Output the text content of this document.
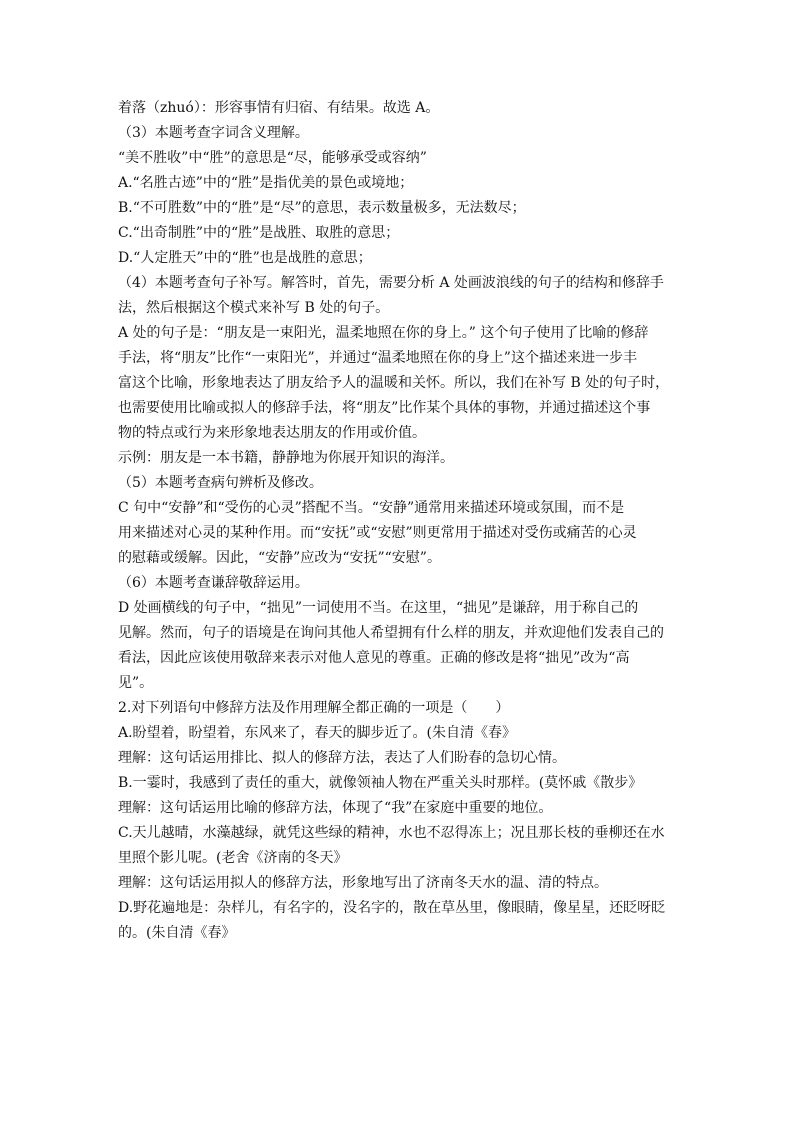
着落（zhuó）：形容事情有归宿、有结果。故选 A。
（3）本题考查字词含义理解。
“美不胜收”中“胜”的意思是“尽，能够承受或容纳”
A.“名胜古迹”中的“胜”是指优美的景色或境地；
B.“不可胜数”中的“胜”是“尽”的意思，表示数量极多，无法数尽；
C.“出奇制胜”中的“胜”是战胜、取胜的意思；
D.“人定胜天”中的“胜”也是战胜的意思；
（4）本题考查句子补写。解答时，首先，需要分析 A 处画波浪线的句子的结构和修辞手
法，然后根据这个模式来补写 B 处的句子。
A 处的句子是：“朋友是一束阳光，温柔地照在你的身上。” 这个句子使用了比喻的修辞
手法，将“朋友”比作“一束阳光”，并通过“温柔地照在你的身上”这个描述来进一步丰
富这个比喻，形象地表达了朋友给予人的温暖和关怀。所以，我们在补写 B 处的句子时，
也需要使用比喻或拟人的修辞手法，将“朋友”比作某个具体的事物，并通过描述这个事
物的特点或行为来形象地表达朋友的作用或价值。
示例：朋友是一本书籍，静静地为你展开知识的海洋。
（5）本题考查病句辨析及修改。
C 句中“安静”和“受伤的心灵”搭配不当。“安静”通常用来描述环境或氛围，而不是
用来描述对心灵的某种作用。而“安抚”或“安慰”则更常用于描述对受伤或痛苦的心灵
的慰藉或缓解。因此，“安静”应改为“安抚”“安慰”。
（6）本题考查谦辞敬辞运用。
D 处画横线的句子中，“拙见”一词使用不当。在这里，“拙见”是谦辞，用于称自己的
见解。然而，句子的语境是在询问其他人希望拥有什么样的朋友，并欢迎他们发表自己的
看法，因此应该使用敬辞来表示对他人意见的尊重。正确的修改是将“拙见”改为“高
见”。
2.对下列语句中修辞方法及作用理解全都正确的一项是（　　）
A.盼望着，盼望着，东风来了，春天的脚步近了。(朱自清《春》
理解：这句话运用排比、拟人的修辞方法，表达了人们盼春的急切心情。
B.一霎时，我感到了责任的重大，就像领袖人物在严重关头时那样。(莫怀戚《散步》
理解：这句话运用比喻的修辞方法，体现了“我”在家庭中重要的地位。
C.天儿越晴，水藻越绿，就凭这些绿的精神，水也不忍得冻上；况且那长枝的垂柳还在水
里照个影儿呢。(老舍《济南的冬天》
理解：这句话运用拟人的修辞方法，形象地写出了济南冬天水的温、清的特点。
D.野花遍地是：杂样儿，有名字的，没名字的，散在草丛里，像眼睛，像星星，还眨呀眨
的。(朱自清《春》
